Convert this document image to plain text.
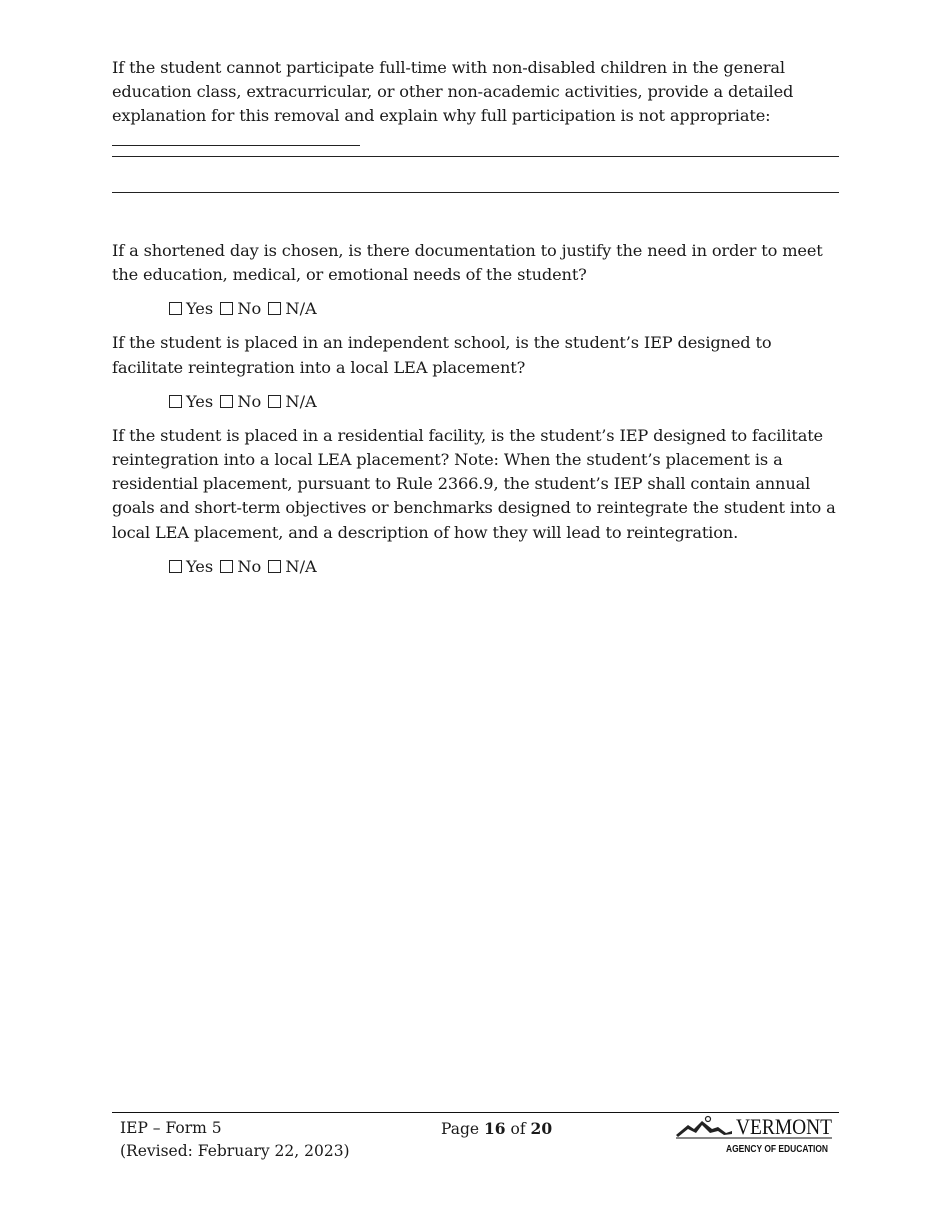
If the student cannot participate full-time with non-disabled children in the general education class, extracurricular, or other non-academic activities, provide a detailed explanation for this removal and explain why full participation is not appropriate:

If a shortened day is chosen, is there documentation to justify the need in order to meet the education, medical, or emotional needs of the student?

Yes No N/A

If the student is placed in an independent school, is the student’s IEP designed to facilitate reintegration into a local LEA placement?

Yes No N/A

If the student is placed in a residential facility, is the student’s IEP designed to facilitate reintegration into a local LEA placement? Note: When the student’s placement is a residential placement, pursuant to Rule 2366.9, the student’s IEP shall contain annual goals and short-term objectives or benchmarks designed to reintegrate the student into a local LEA placement, and a description of how they will lead to reintegration.

Yes No N/A
IEP – Form 5
(Revised: February 22, 2023)
Page 16 of 20	VERMONT
AGENCY OF EDUCATION
